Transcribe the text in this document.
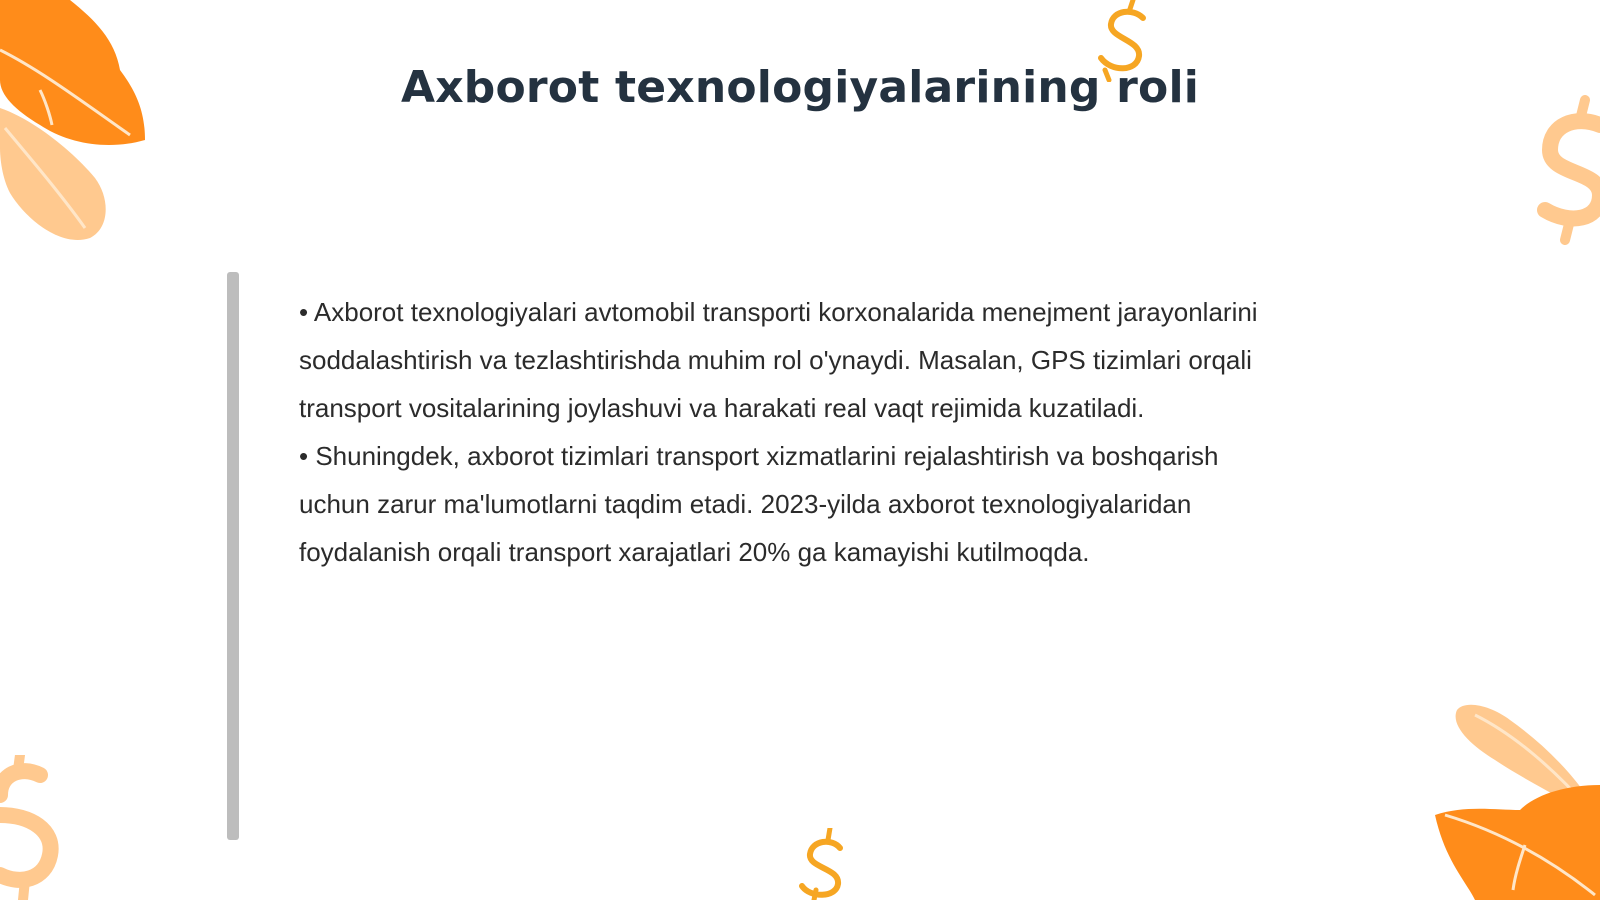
Axborot texnologiyalarining roli

• Axborot texnologiyalari avtomobil transporti korxonalarida menejment jarayonlarini soddalashtirish va tezlashtirishda muhim rol o'ynaydi. Masalan, GPS tizimlari orqali transport vositalarining joylashuvi va harakati real vaqt rejimida kuzatiladi.

• Shuningdek, axborot tizimlari transport xizmatlarini rejalashtirish va boshqarish uchun zarur ma'lumotlarni taqdim etadi. 2023-yilda axborot texnologiyalaridan foydalanish orqali transport xarajatlari 20% ga kamayishi kutilmoqda.
